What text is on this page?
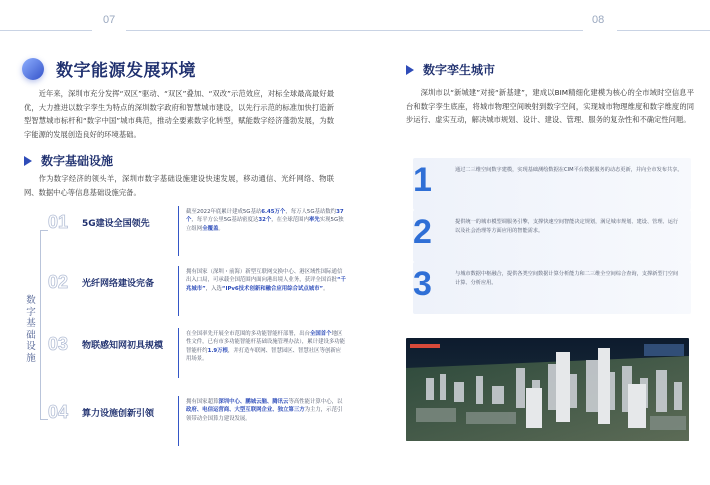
07
数字能源发展环境
近年来，深圳市充分发挥“双区”驱动、“双区”叠加、“双改”示范效应，对标全球最高最好最优，大力推进以数字孪生为特点的深圳数字政府和智慧城市建设，以先行示范的标准加快打造新型智慧城市标杆和“数字中国”城市典范，推动全要素数字化转型，赋能数字经济蓬勃发展，为数字能源的发展创造良好的环境基础。
数字基础设施
作为数字经济的领头羊，深圳市数字基础设施建设快速发展，移动通信、光纤网络、物联网、数据中心等信息基础设施完备。
数字基础设施
01 5G建设全国领先
截至2022年底累计建成5G基站6.45万个，每万人5G基站数约37个，每平方公里5G基站密度达32个，在全球范围内率先实现5G独立组网全覆盖。
02 光纤网络建设完备
拥有国家（深圳・前海）新型互联网交换中心、港区域性国际通信出入口局，可承载全国范围内面向港出境人业务，获评全国首批“千兆城市”，入选“IPv6技术创新和融合应用综合试点城市”。
03 物联感知网初具规模
在全国率先开展全市范围的多功能智能杆部署，出台全国首个地区性文件，已有市多功能智能杆基础设施管理办法），累计建设多功能智能杆约1.9万根，并打造车联网、智慧园区、智慧社区等创新应用场景。
04 算力设施创新引领
拥有国家超算深圳中心、鹏城云脑、腾讯云等高性能计算中心，以政府、电信运营商、大型互联网企业、独立第三方为主力，示范引领带动全国算力建设发展。
08
数字孪生城市
深圳市以“新城建”对接“新基建”，建成以BIM精细化建模为核心的全市域时空信息平台和数字孪生底座，将城市物理空间映射到数字空间，实现城市物理维度和数字维度的同步运行、虚实互动，解决城市规划、设计、建设、管理、服务的复杂性和不确定性问题。
1	通过二三维空间数字建模，实现基础测绘数据在CIM平台数据服务的动态更新，并向全市发布共享。
2	提供统一的城市模型调服务引擎，支撑快速空间智能决定规划，满足城市规划、建设、管理、运行以及社会治理等方面应用的智能需求。
3	与城市数据中枢融合，提供各类空间数据计算分析能力和二三维全空间综合查询，支撑新型门空间计算、分析应用。
